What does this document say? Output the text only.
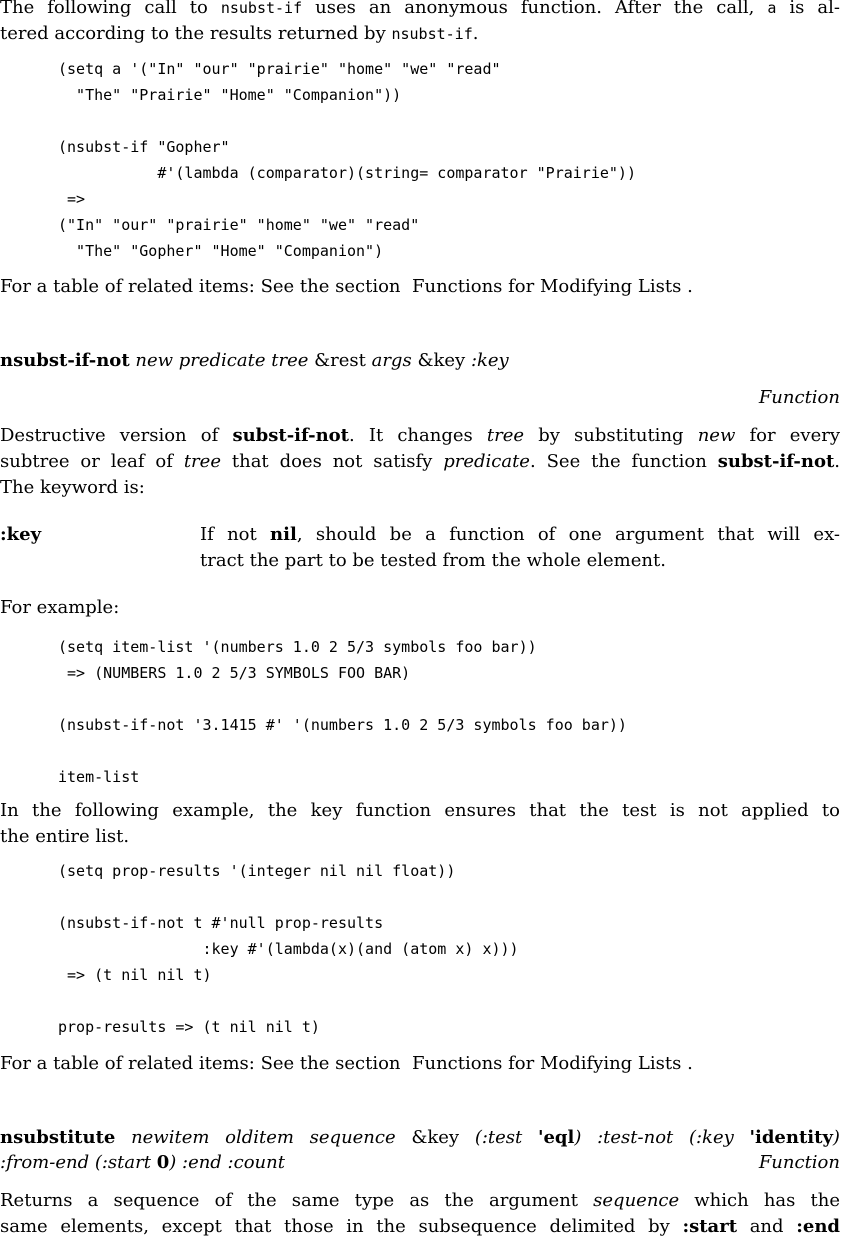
The following call to nsubst-if uses an anonymous function. After the call, a is al-
tered according to the results returned by nsubst-if.
(setq a '("In" "our" "prairie" "home" "we" "read"
"The" "Prairie" "Home" "Companion"))
(nsubst-if "Gopher"
#'(lambda (comparator)(string= comparator "Prairie"))
=>
("In" "our" "prairie" "home" "we" "read"
"The" "Gopher" "Home" "Companion")
For a table of related items: See the section Functions for Modifying Lists .
nsubst-if-not new predicate tree &rest args &key :key
Function
Destructive version of subst-if-not. It changes tree by substituting new for every
subtree or leaf of tree that does not satisfy predicate. See the function subst-if-not.
The keyword is:
:key	If not nil, should be a function of one argument that will ex-
tract the part to be tested from the whole element.
For example:
(setq item-list '(numbers 1.0 2 5/3 symbols foo bar))
=> (NUMBERS 1.0 2 5/3 SYMBOLS FOO BAR)
(nsubst-if-not '3.1415 #' '(numbers 1.0 2 5/3 symbols foo bar))
item-list
In the following example, the key function ensures that the test is not applied to
the entire list.
(setq prop-results '(integer nil nil float))
(nsubst-if-not t #'null prop-results
:key #'(lambda(x)(and (atom x) x)))
=> (t nil nil t)
prop-results => (t nil nil t)
For a table of related items: See the section Functions for Modifying Lists .
nsubstitute newitem olditem sequence &key (:test 'eql) :test-not (:key 'identity)
:from-end (:start 0) :end :count	Function
Returns a sequence of the same type as the argument sequence which has the
same elements, except that those in the subsequence delimited by :start and :end
